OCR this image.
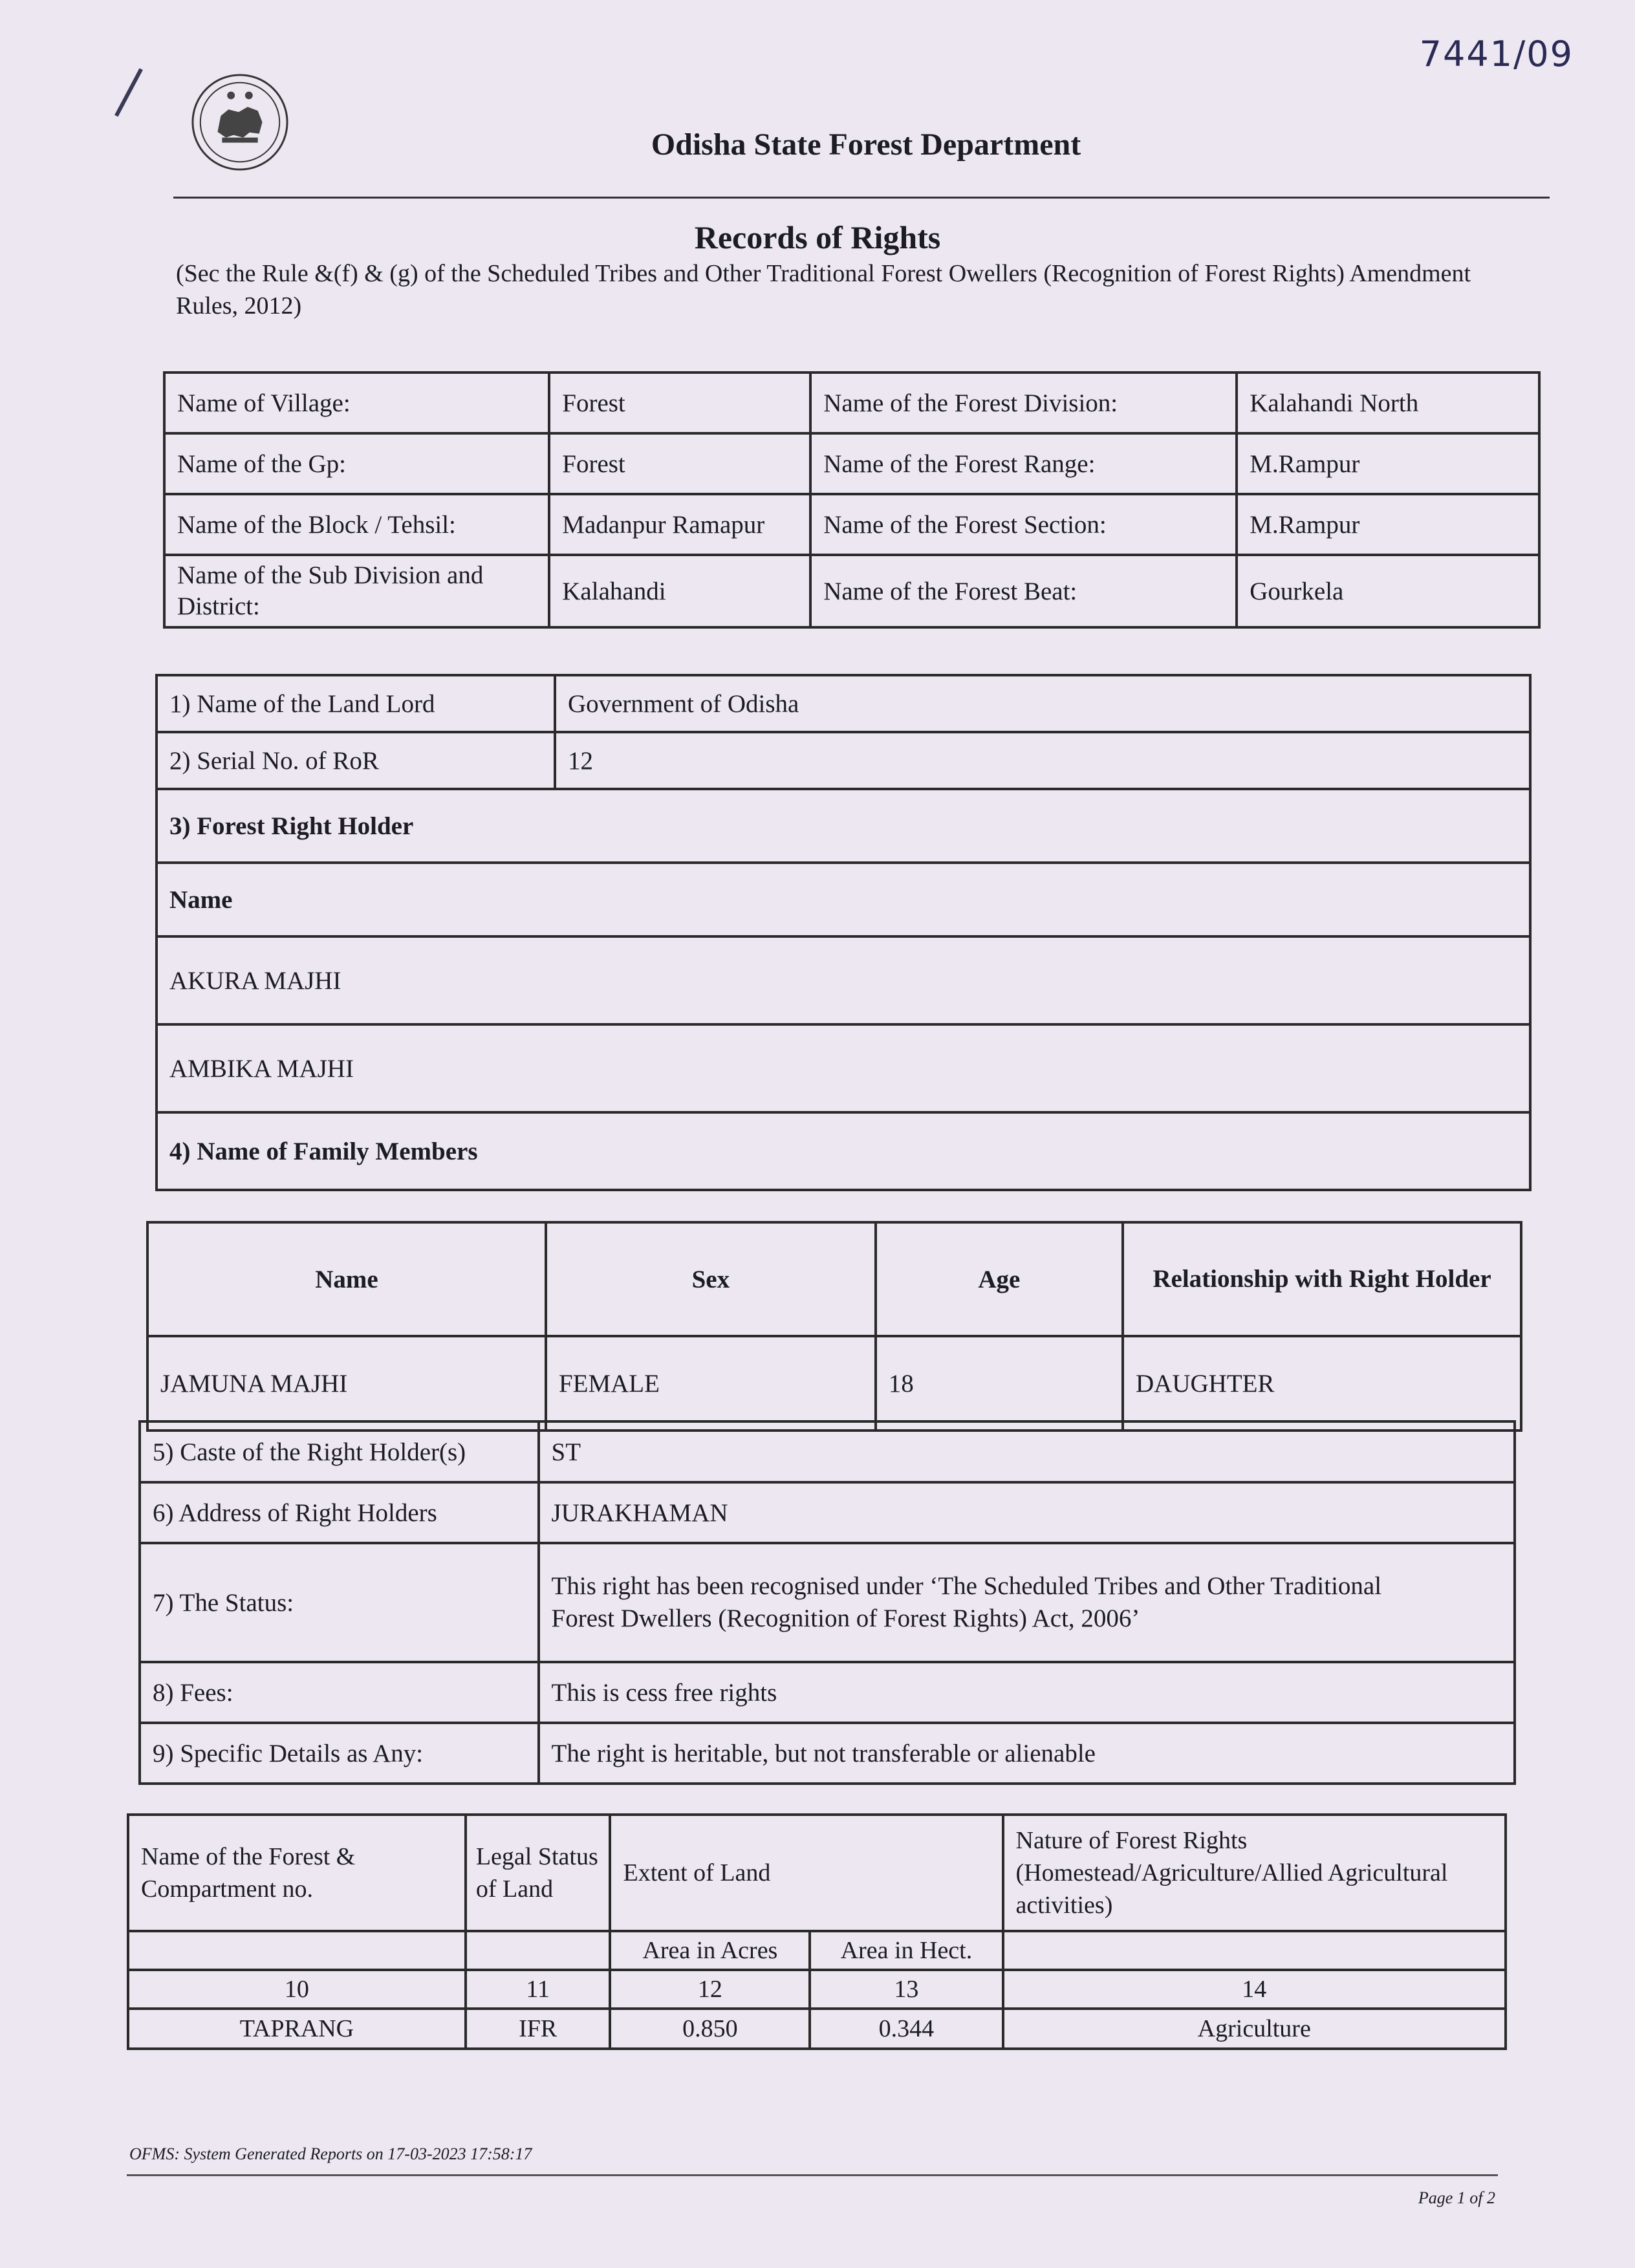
7441/09
Odisha State Forest Department
Records of Rights
(Sec the Rule &(f) & (g) of the Scheduled Tribes and Other Traditional Forest Owellers (Recognition of Forest Rights) Amendment Rules, 2012)
Name of Village:	Forest	Name of the Forest Division:	Kalahandi North
Name of the Gp:	Forest	Name of the Forest Range:	M.Rampur
Name of the Block / Tehsil:	Madanpur Ramapur	Name of the Forest Section:	M.Rampur
Name of the Sub Division and District:	Kalahandi	Name of the Forest Beat:	Gourkela
1) Name of the Land Lord	Government of Odisha
2) Serial No. of RoR	12
3) Forest Right Holder	
Name	
AKURA MAJHI	
AMBIKA MAJHI	
4) Name of Family Members	
Name	Sex	Age	Relationship with Right Holder
JAMUNA MAJHI	FEMALE	18	DAUGHTER
5) Caste of the Right Holder(s)	ST
6) Address of Right Holders	JURAKHAMAN
7) The Status:	This right has been recognised under ‘The Scheduled Tribes and Other Traditional
Forest Dwellers (Recognition of Forest Rights) Act, 2006’

8) Fees:	This is cess free rights
9) Specific Details as Any:	The right is heritable, but not transferable or alienable
Name of the Forest & Compartment no.	Legal Status of Land	Extent of Land		Nature of Forest Rights (Homestead/Agriculture/Allied Agricultural activities)
		Area in Acres	Area in Hect.	
10	11	12	13	14
TAPRANG	IFR	0.850	0.344	Agriculture
OFMS: System Generated Reports on 17-03-2023 17:58:17
Page 1 of 2
